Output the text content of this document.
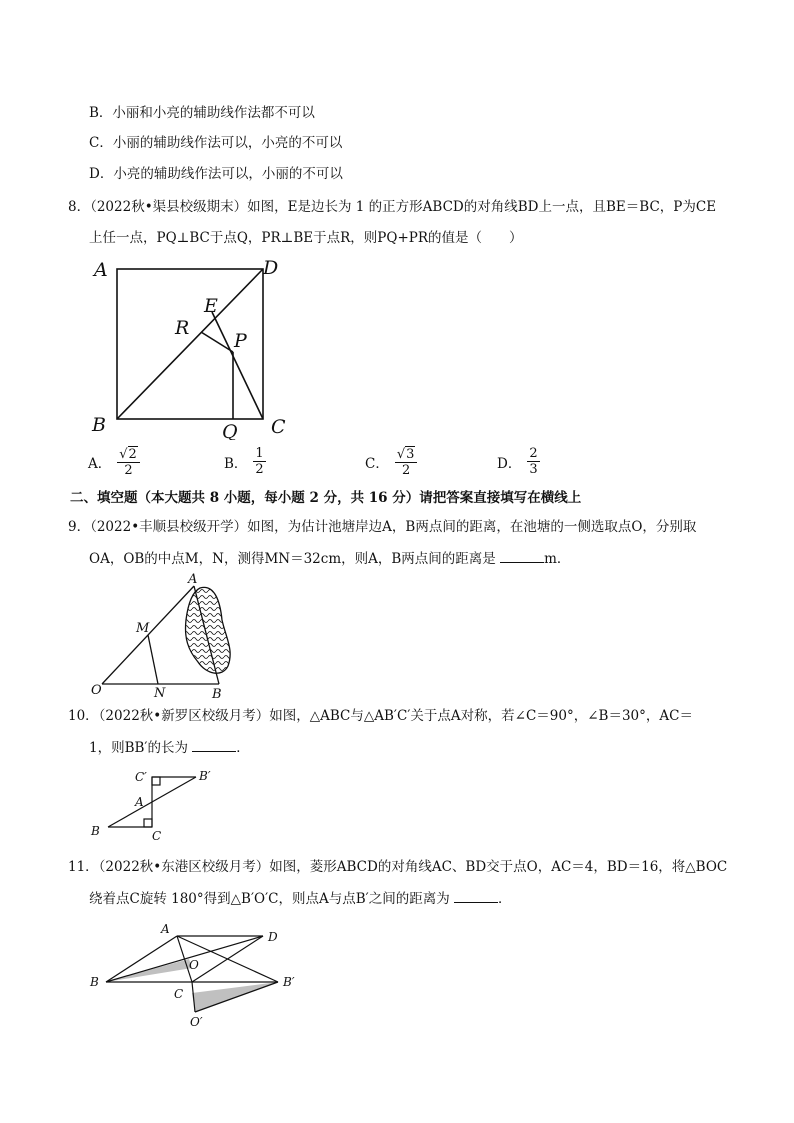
B．小丽和小亮的辅助线作法都不可以
C．小丽的辅助线作法可以，小亮的不可以
D．小亮的辅助线作法可以，小丽的不可以
8．（2022秋•渠县校级期末）如图，E是边长为 1 的正方形ABCD的对角线BD上一点，且BE＝BC，P为CE
上任一点，PQ⊥BC于点Q，PR⊥BE于点R，则PQ+PR的值是（　　）
A	D
E
R
P
B	Q C
A． $\frac{√ 2}{2}$	B． $\frac{1}{2}$	C． $\frac{√ 3}{2}$	D． $\frac{2}{3}$
二、填空题（本大题共 8 小题，每小题 2 分，共 16 分）请把答案直接填写在横线上
9．（2022•丰顺县校级开学）如图，为估计池塘岸边A，B两点间的距离，在池塘的一侧选取点O，分别取
OA，OB的中点M，N，测得MN＝32cm，则A，B两点间的距离是	m．
A
M
O	N	B
10．（2022秋•新罗区校级月考）如图，△ABC与△AB′C′关于点A对称，若∠C＝90°，∠B＝30°，AC＝
1，则BB′的长为	．
C′	B′
A
B	C
11．（2022秋•东港区校级月考）如图，菱形ABCD的对角线AC、BD交于点O，AC＝4，BD＝16，将△BOC
绕着点C旋转 180°得到△B′O′C，则点A与点B′之间的距离为	．
A
D
B
O
C
B′
O′
